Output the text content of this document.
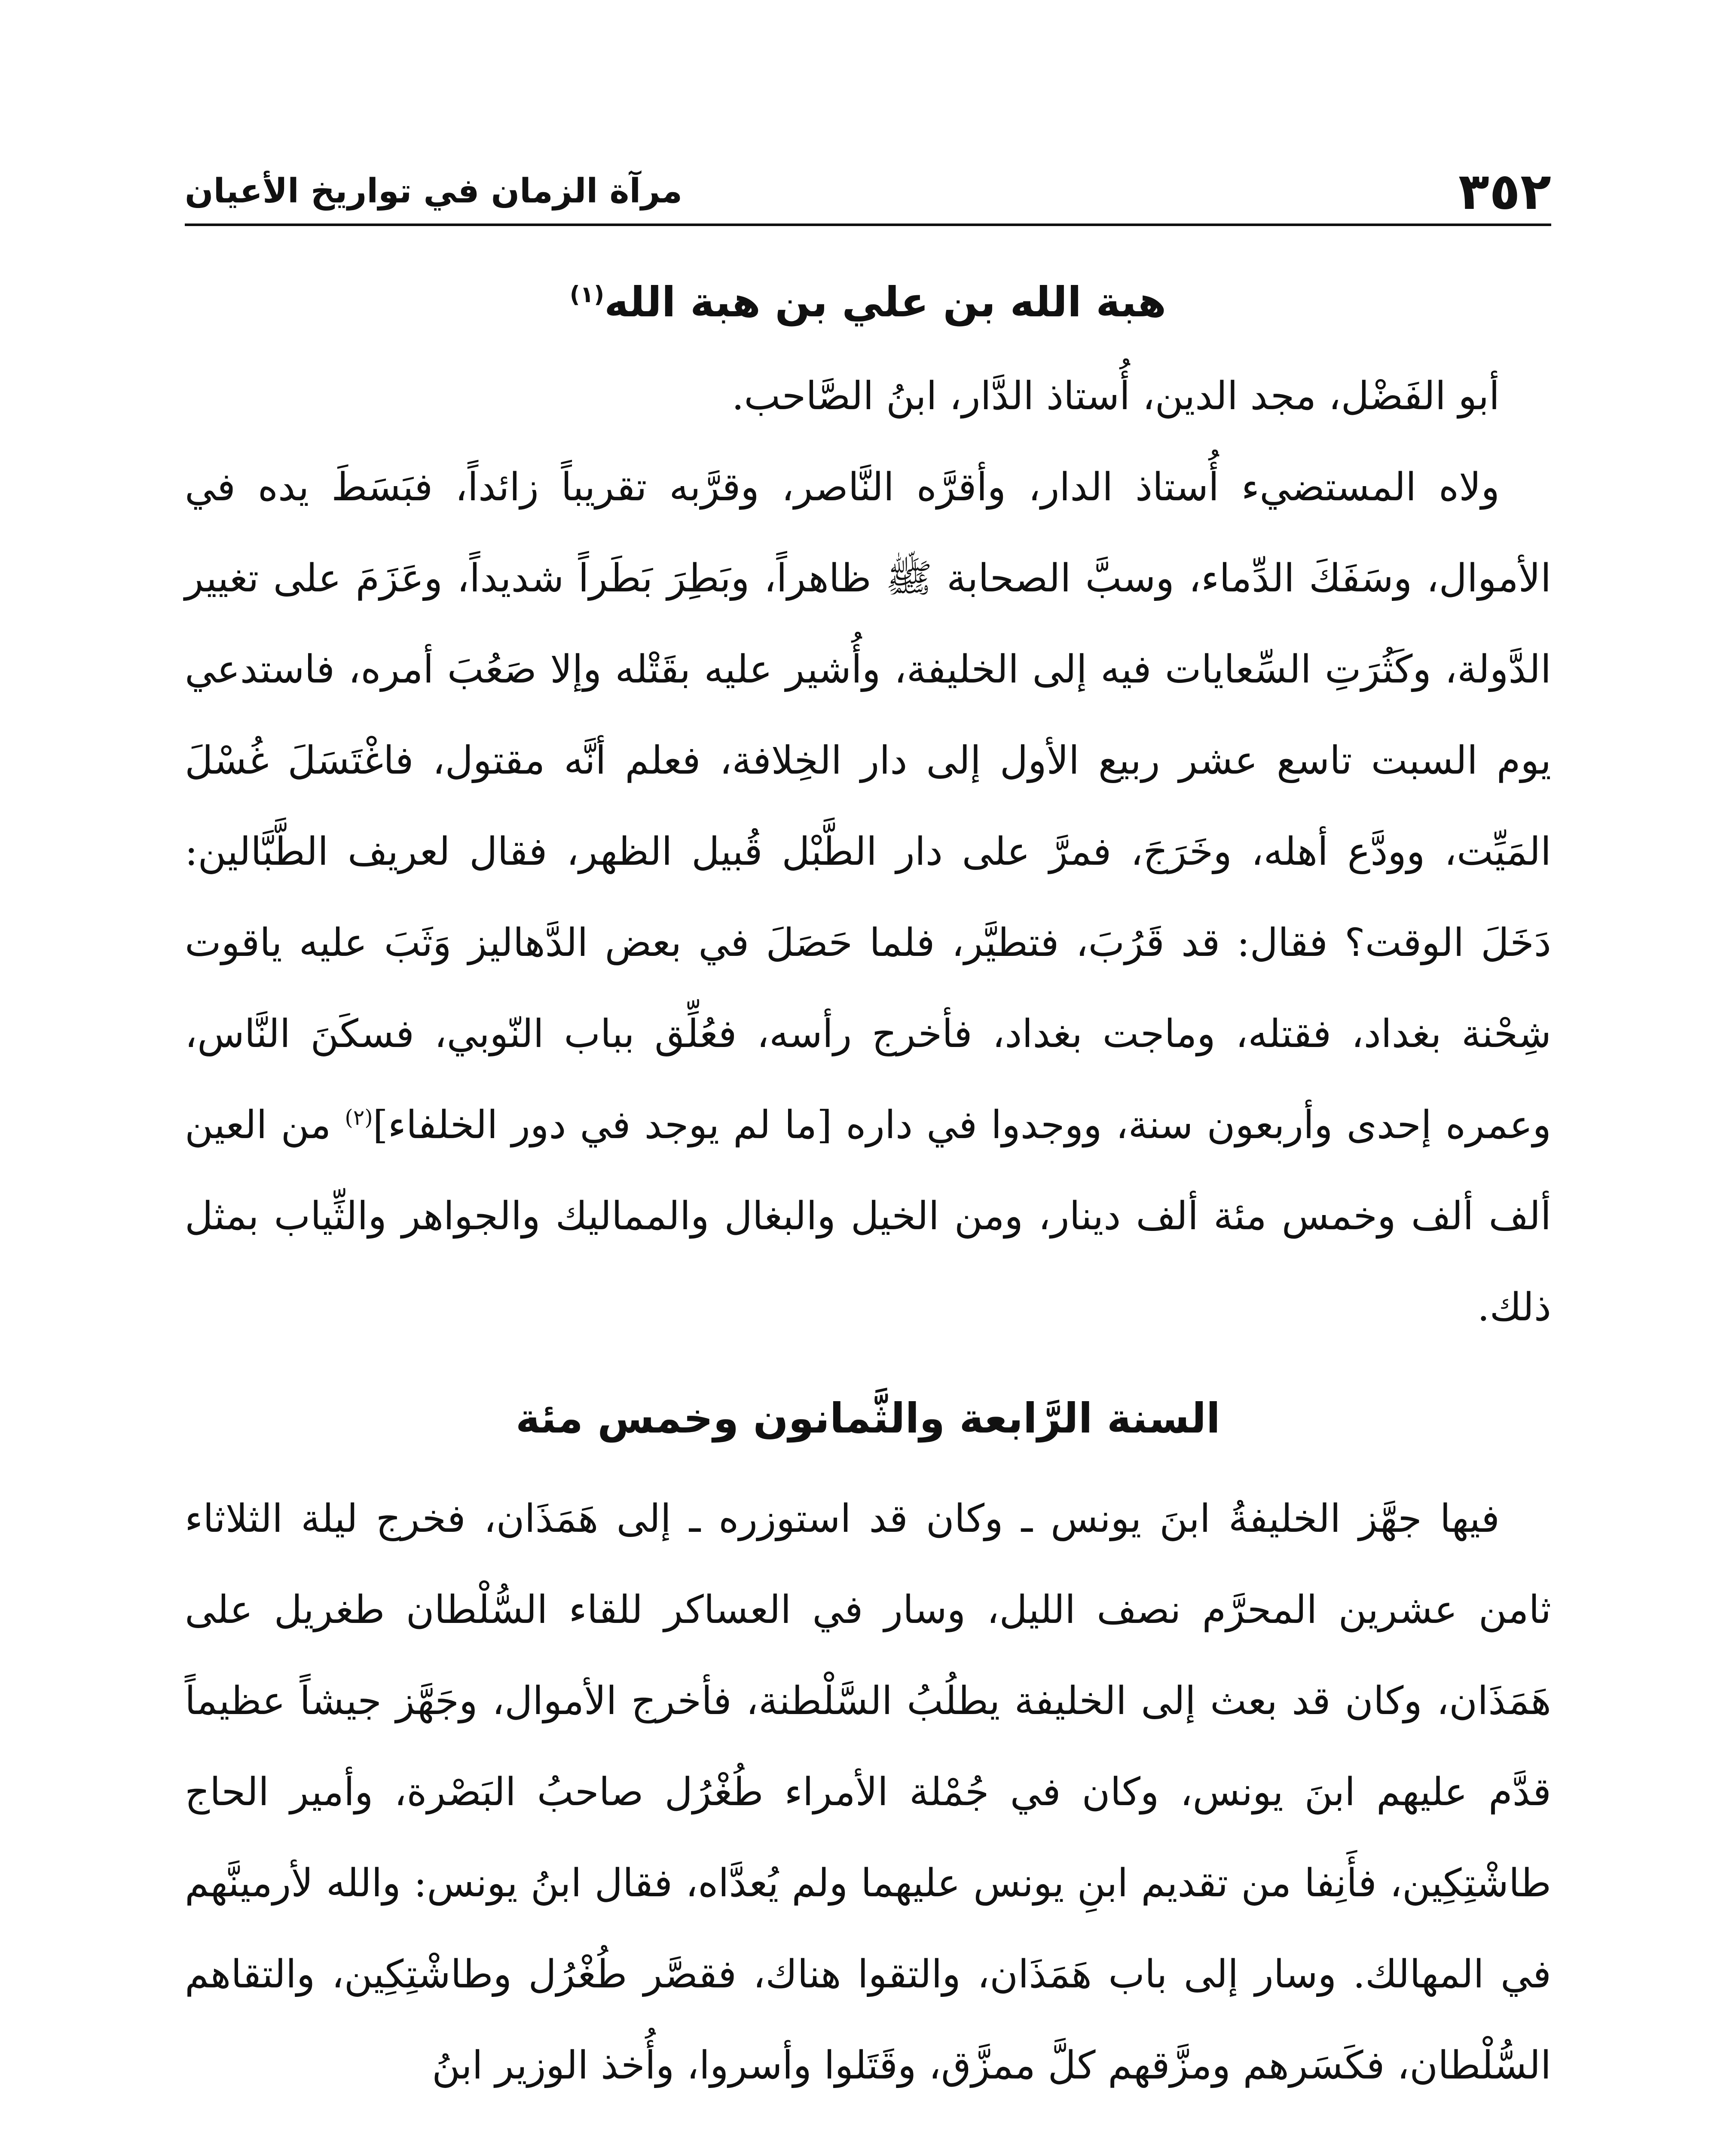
٣٥٢
مرآة الزمان في تواريخ الأعيان
هبة الله بن علي بن هبة الله$^{(١)}$

أبو الفَضْل، مجد الدين، أُستاذ الدَّار، ابنُ الصَّاحب.

ولاه المستضيء أُستاذ الدار، وأقرَّه النَّاصر، وقرَّبه تقريباً زائداً، فبَسَطَ يده في الأموال، وسَفَكَ الدِّماء، وسبَّ الصحابة ﷺ ظاهراً، وبَطِرَ بَطَراً شديداً، وعَزَمَ على تغيير الدَّولة، وكَثُرَتِ السِّعايات فيه إلى الخليفة، وأُشير عليه بقَتْله وإلا صَعُبَ أمره، فاستدعي يوم السبت تاسع عشر ربيع الأول إلى دار الخِلافة، فعلم أنَّه مقتول، فاغْتَسَلَ غُسْلَ المَيِّت، وودَّع أهله، وخَرَجَ، فمرَّ على دار الطَّبْل قُبيل الظهر، فقال لعريف الطَّبَّالين: دَخَلَ الوقت؟ فقال: قد قَرُبَ، فتطيَّر، فلما حَصَلَ في بعض الدَّهاليز وَثَبَ عليه ياقوت شِحْنة بغداد، فقتله، وماجت بغداد، فأخرج رأسه، فعُلِّق بباب النّوبي، فسكَنَ النَّاس، وعمره إحدى وأربعون سنة، ووجدوا في داره [ما لم يوجد في دور الخلفاء]$^{(٢)}$ من العين ألف ألف وخمس مئة ألف دينار، ومن الخيل والبغال والمماليك والجواهر والثِّياب بمثل ذلك.

السنة الرَّابعة والثَّمانون وخمس مئة

فيها جهَّز الخليفةُ ابنَ يونس ـ وكان قد استوزره ـ إلى هَمَذَان، فخرج ليلة الثلاثاء ثامن عشرين المحرَّم نصف الليل، وسار في العساكر للقاء السُّلْطان طغريل على هَمَذَان، وكان قد بعث إلى الخليفة يطلُبُ السَّلْطنة، فأخرج الأموال، وجَهَّز جيشاً عظيماً قدَّم عليهم ابنَ يونس، وكان في جُمْلة الأمراء طُغْرُل صاحبُ البَصْرة، وأمير الحاج طاشْتِكِين، فأَنِفا من تقديم ابنِ يونس عليهما ولم يُعدَّاه، فقال ابنُ يونس: والله لأرمينَّهم في المهالك. وسار إلى باب هَمَذَان، والتقوا هناك، فقصَّر طُغْرُل وطاشْتِكِين، والتقاهم السُّلْطان، فكَسَرهم ومزَّقهم كلَّ ممزَّق، وقَتَلوا وأسروا، وأُخذ الوزير ابنُ
